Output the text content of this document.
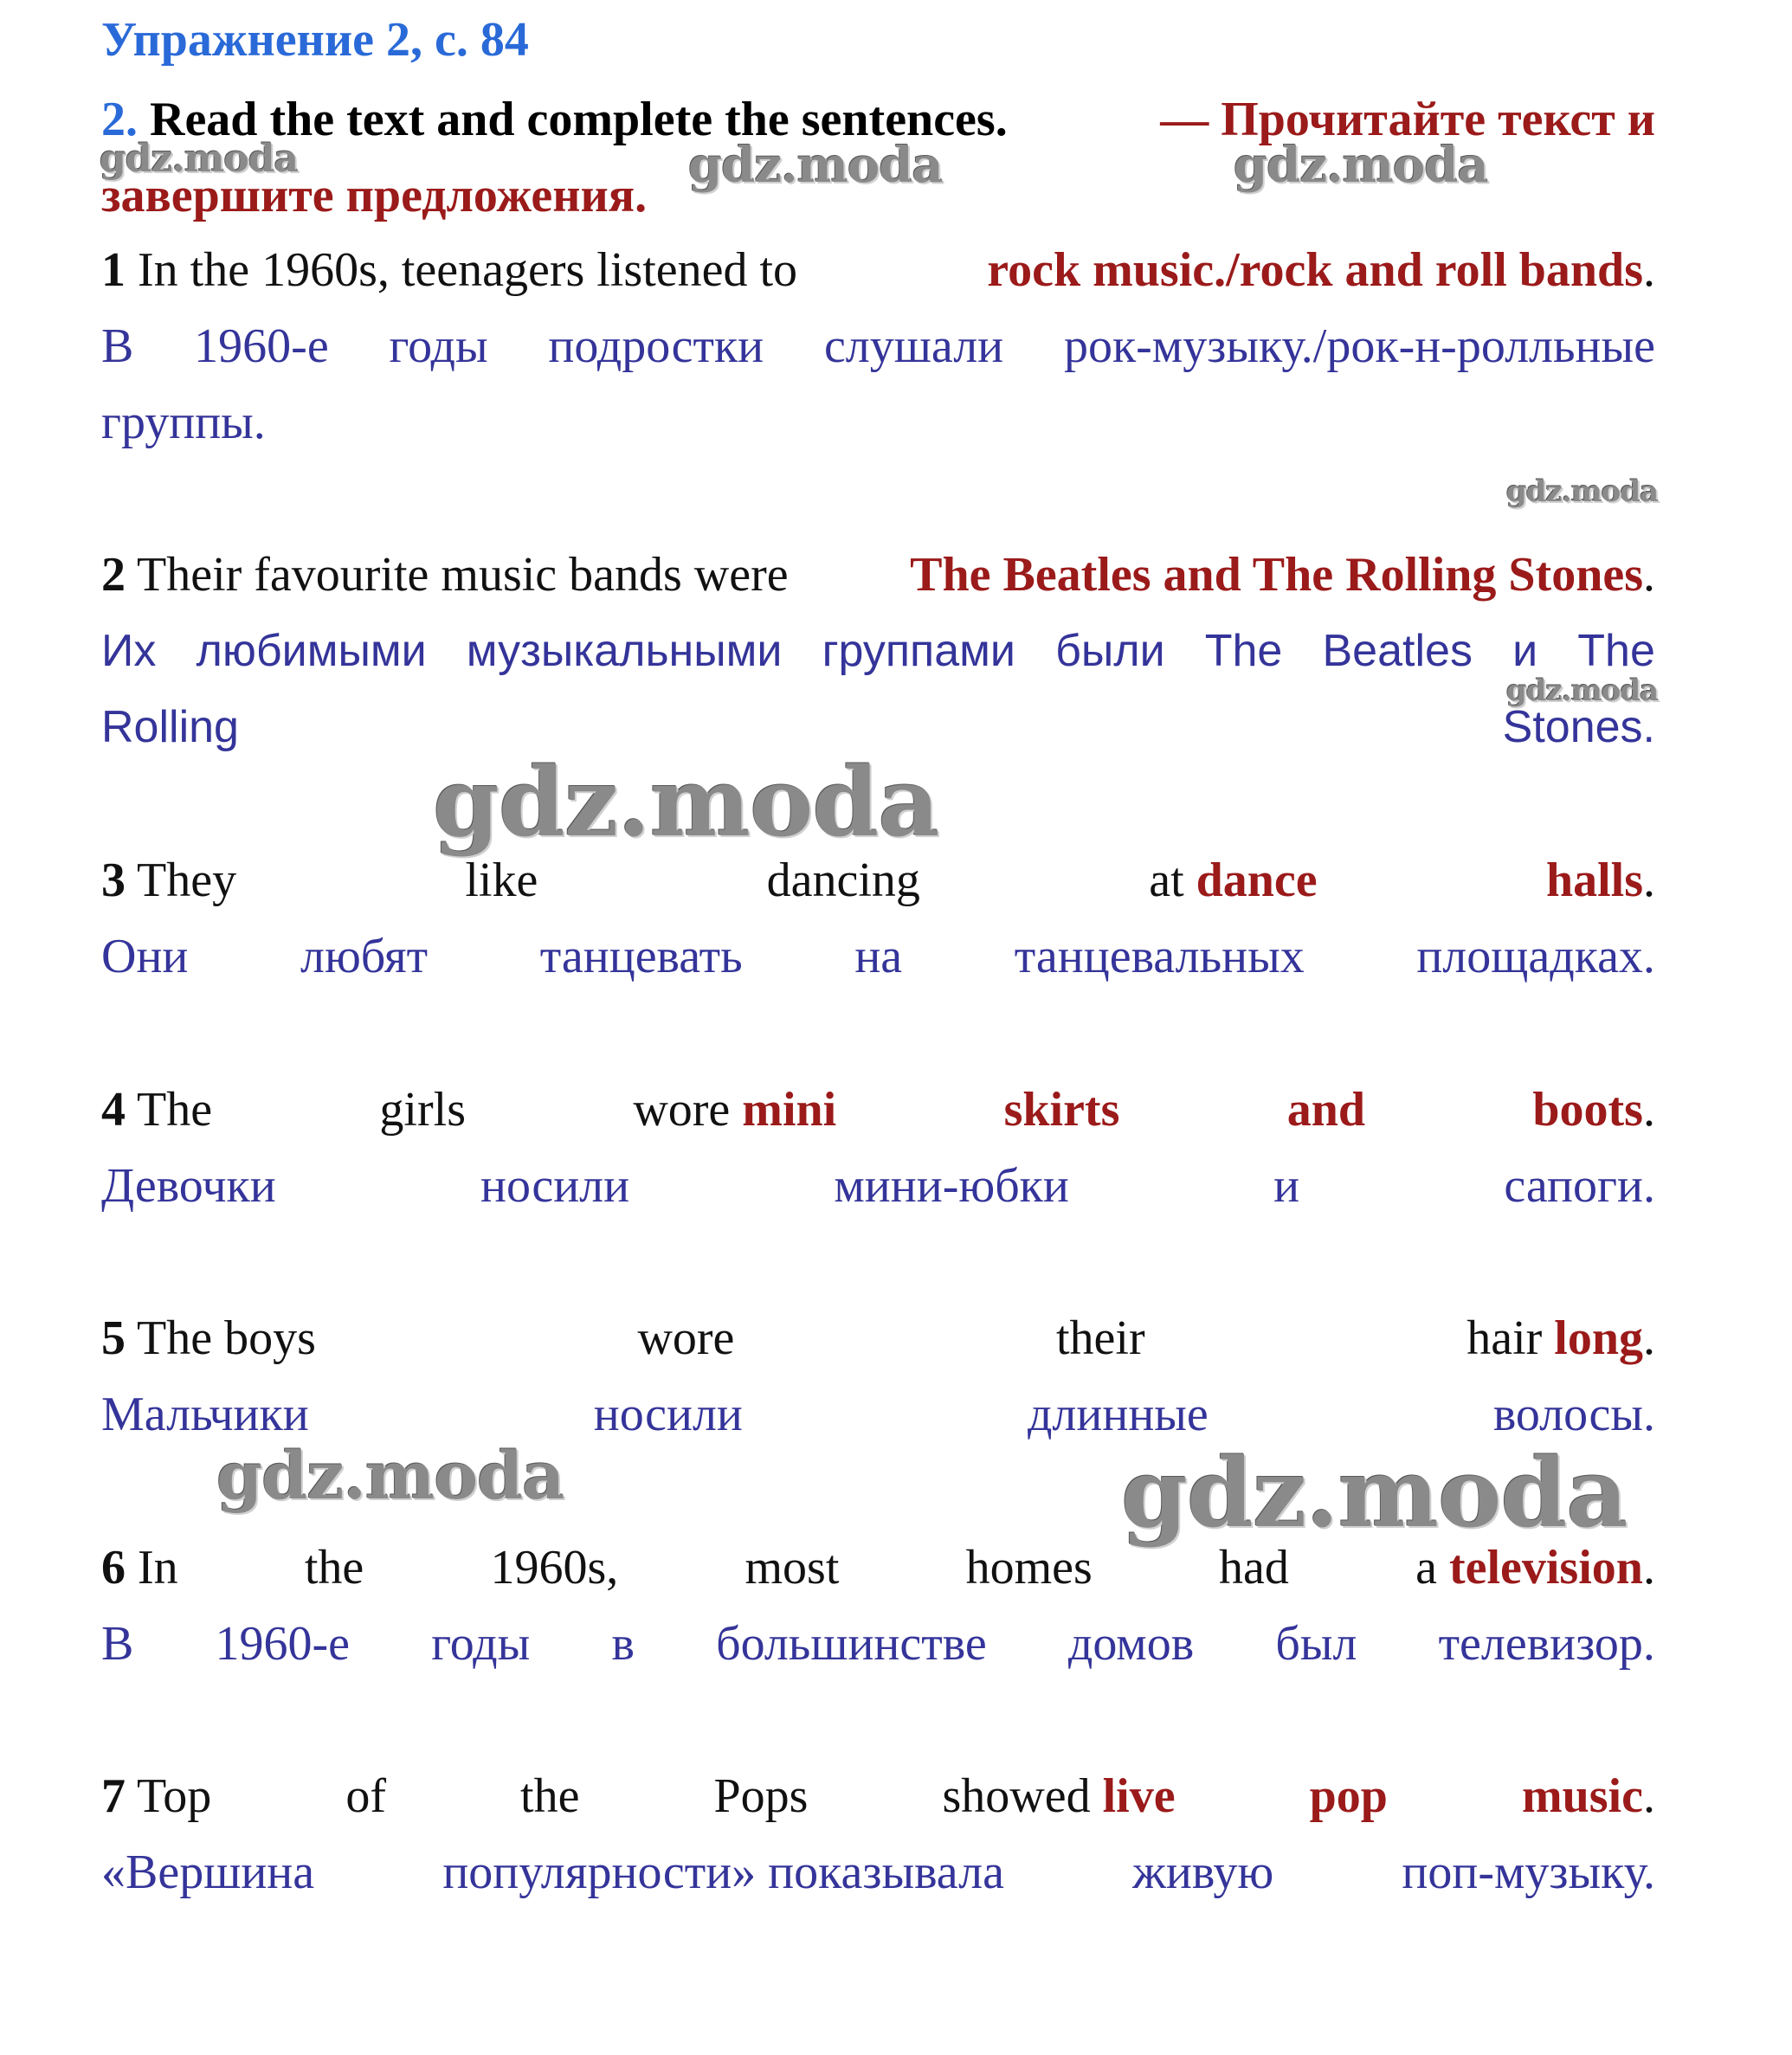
Упражнение 2, с. 84
2. Read the text and complete the sentences.	— Прочитайте текст и
завершите предложения.
1 In the 1960s, teenagers listened to	rock music./rock and roll bands.
В 1960-е годы подростки слушали рок-музыку./рок-н-ролльные
группы.
2 Their favourite music bands were	The Beatles and The Rolling Stones.
Их любимыми музыкальными группами были The Beatles и The
Rolling	Stones.
3 They	like	dancing	at dance	halls.
Они любят танцевать на танцевальных площадках.
4 The	girls	wore mini	skirts	and	boots.
Девочки	носили	мини-юбки	и	сапоги.
5 The boys	wore	their	hair long.
Мальчики	носили	длинные	волосы.
6 In	the	1960s,	most	homes	had	a television.
В 1960-е годы в большинстве домов был телевизор.
7 Top	of	the	Pops	showed live	pop	music.
«Вершина	популярности» показывала	живую	поп-музыку.
gdz.moda	gdz.moda	gdz.moda
gdz.moda
gdz.moda
gdz.moda
gdz.moda	gdz.moda
